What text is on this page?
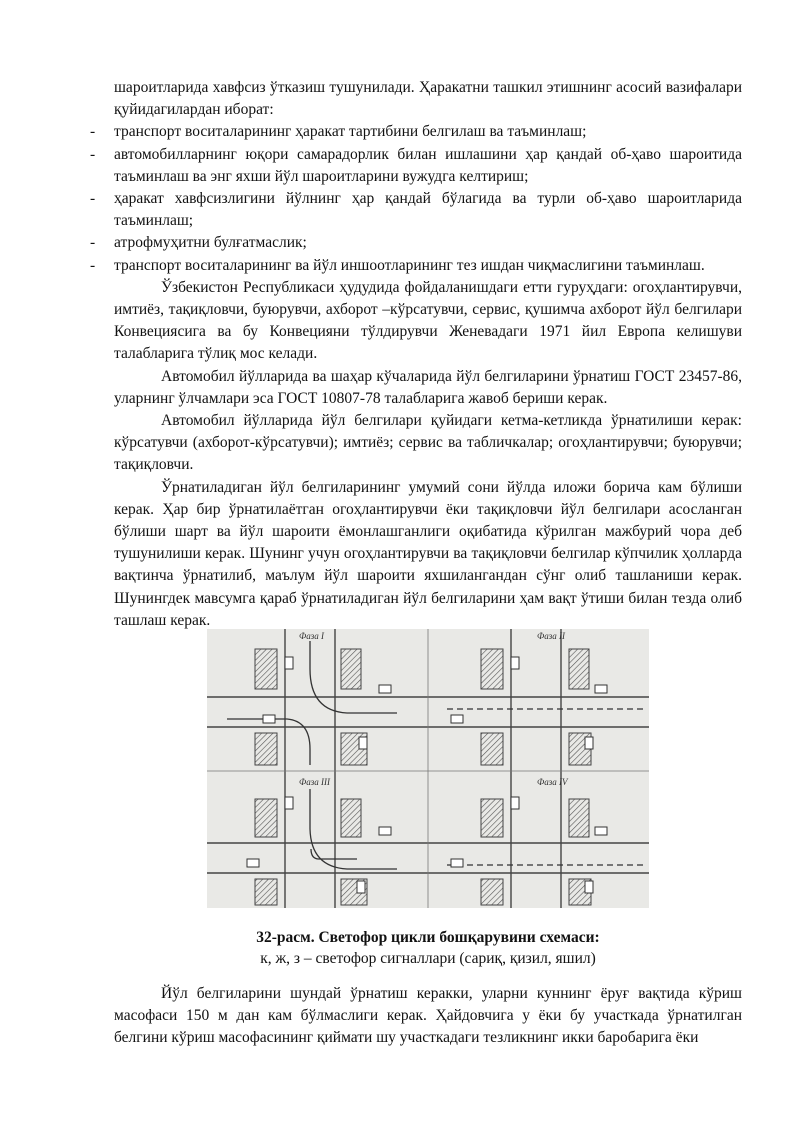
шароитларида хавфсиз ўтказиш тушунилади. Ҳаракатни ташкил этишнинг асосий вазифалари қуйидагилардан иборат:

- транспорт воситаларининг ҳаракат тартибини белгилаш ва таъминлаш;
- автомобилларнинг юқори самарадорлик билан ишлашини ҳар қандай об-ҳаво шароитида таъминлаш ва энг яхши йўл шароитларини вужудга келтириш;
- ҳаракат хавфсизлигини йўлнинг ҳар қандай бўлагида ва турли об-ҳаво шароитларида таъминлаш;
- атрофмуҳитни булғатмаслик;
- транспорт воситаларининг ва йўл иншоотларининг тез ишдан чиқмаслигини таъминлаш.

Ўзбекистон Республикаси ҳудудида фойдаланишдаги етти гуруҳдаги: огоҳлантирувчи, имтиёз, тақиқловчи, буюрувчи, ахборот –кўрсатувчи, сервис, қушимча ахборот йўл белгилари Конвециясига ва бу Конвецияни тўлдирувчи Женевадаги 1971 йил Европа келишуви талабларига тўлиқ мос келади.

Автомобил йўлларида ва шаҳар кўчаларида йўл белгиларини ўрнатиш ГОСТ 23457-86, уларнинг ўлчамлари эса ГОСТ 10807-78 талабларига жавоб бериши керак.

Автомобил йўлларида йўл белгилари қуйидаги кетма-кетликда ўрнатилиши керак: кўрсатувчи (ахборот-кўрсатувчи); имтиёз; сервис ва табличкалар; огоҳлантирувчи; буюрувчи; тақиқловчи.

Ўрнатиладиган йўл белгиларининг умумий сони йўлда иложи борича кам бўлиши керак. Ҳар бир ўрнатилаётган огоҳлантирувчи ёки тақиқловчи йўл белгилари асосланган бўлиши шарт ва йўл шароити ёмонлашганлиги оқибатида кўрилган мажбурий чора деб тушунилиши керак. Шунинг учун огоҳлантирувчи ва тақиқловчи белгилар кўпчилик ҳолларда вақтинча ўрнатилиб, маълум йўл шароити яхшилангандан сўнг олиб ташланиши керак. Шунингдек мавсумга қараб ўрнатиладиган йўл белгиларини ҳам вақт ўтиши билан тезда олиб ташлаш керак.

Фаза I	Фаза II
Фаза III	Фаза IV
32-расм. Светофор цикли бошқарувини схемаси:
к, ж, з – светофор сигналлари (сариқ, қизил, яшил)

Йўл белгиларини шундай ўрнатиш керакки, уларни куннинг ёруғ вақтида кўриш масофаси 150 м дан кам бўлмаслиги керак. Ҳайдовчига у ёки бу участкада ўрнатилган белгини кўриш масофасининг қиймати шу участкадаги тезликнинг икки баробарига ёки
